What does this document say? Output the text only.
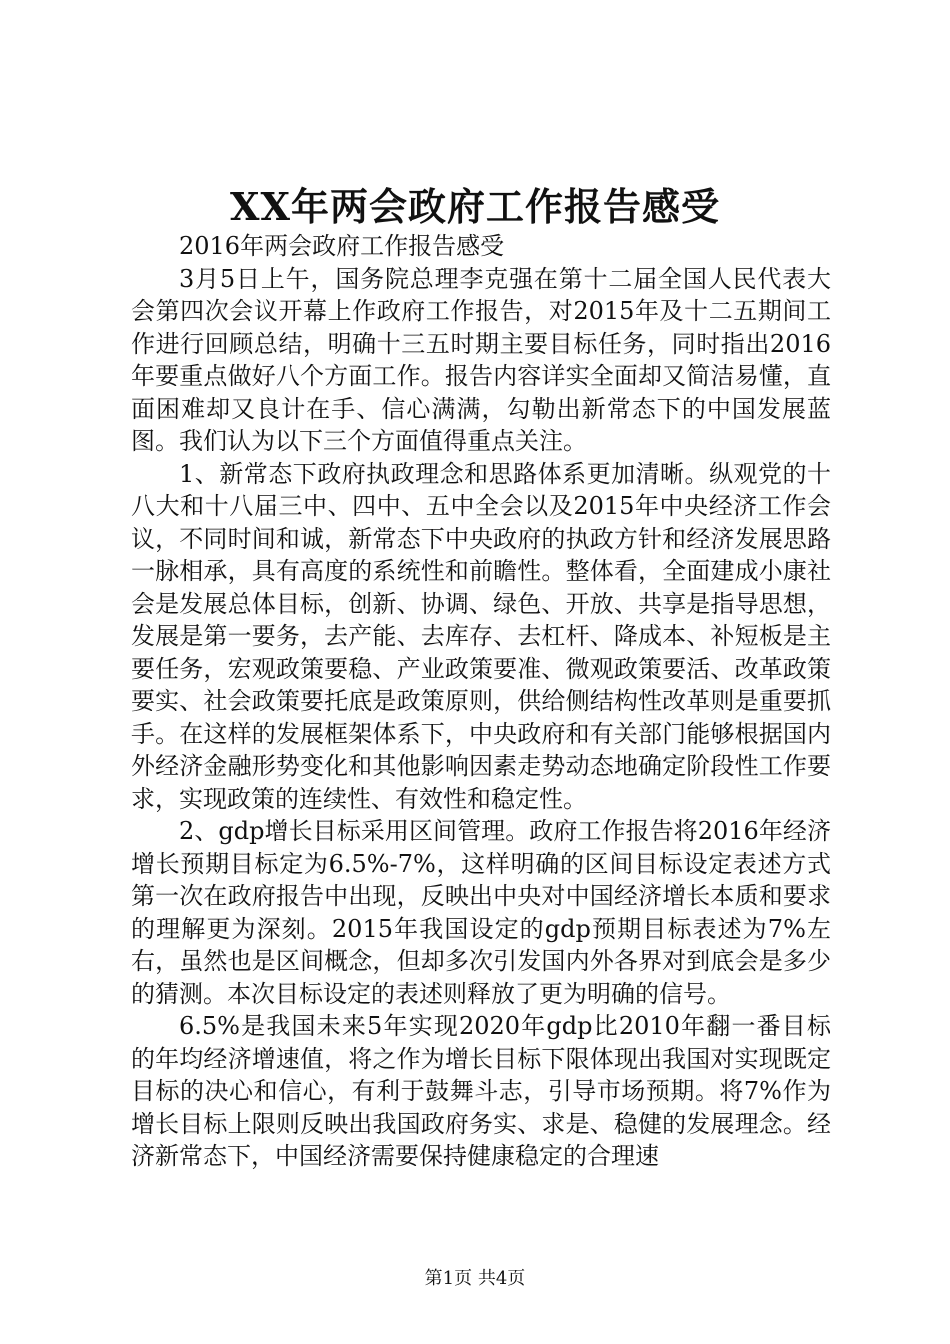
XX年两会政府工作报告感受

2016年两会政府工作报告感受

3月5日上午，国务院总理李克强在第十二届全国人民代表大会第四次会议开幕上作政府工作报告，对2015年及十二五期间工作进行回顾总结，明确十三五时期主要目标任务，同时指出2016年要重点做好八个方面工作。报告内容详实全面却又简洁易懂，直面困难却又良计在手、信心满满，勾勒出新常态下的中国发展蓝图。我们认为以下三个方面值得重点关注。

1、新常态下政府执政理念和思路体系更加清晰。纵观党的十八大和十八届三中、四中、五中全会以及2015年中央经济工作会议，不同时间和诚，新常态下中央政府的执政方针和经济发展思路一脉相承，具有高度的系统性和前瞻性。整体看，全面建成小康社会是发展总体目标，创新、协调、绿色、开放、共享是指导思想，发展是第一要务，去产能、去库存、去杠杆、降成本、补短板是主要任务，宏观政策要稳、产业政策要准、微观政策要活、改革政策要实、社会政策要托底是政策原则，供给侧结构性改革则是重要抓手。在这样的发展框架体系下，中央政府和有关部门能够根据国内外经济金融形势变化和其他影响因素走势动态地确定阶段性工作要求，实现政策的连续性、有效性和稳定性。

2、gdp增长目标采用区间管理。政府工作报告将2016年经济增长预期目标定为6.5%-7%，这样明确的区间目标设定表述方式第一次在政府报告中出现，反映出中央对中国经济增长本质和要求的理解更为深刻。2015年我国设定的gdp预期目标表述为7%左右，虽然也是区间概念，但却多次引发国内外各界对到底会是多少的猜测。本次目标设定的表述则释放了更为明确的信号。

6.5%是我国未来5年实现2020年gdp比2010年翻一番目标的年均经济增速值，将之作为增长目标下限体现出我国对实现既定目标的决心和信心，有利于鼓舞斗志，引导市场预期。将7%作为增长目标上限则反映出我国政府务实、求是、稳健的发展理念。经济新常态下，中国经济需要保持健康稳定的合理速

第1页 共4页
